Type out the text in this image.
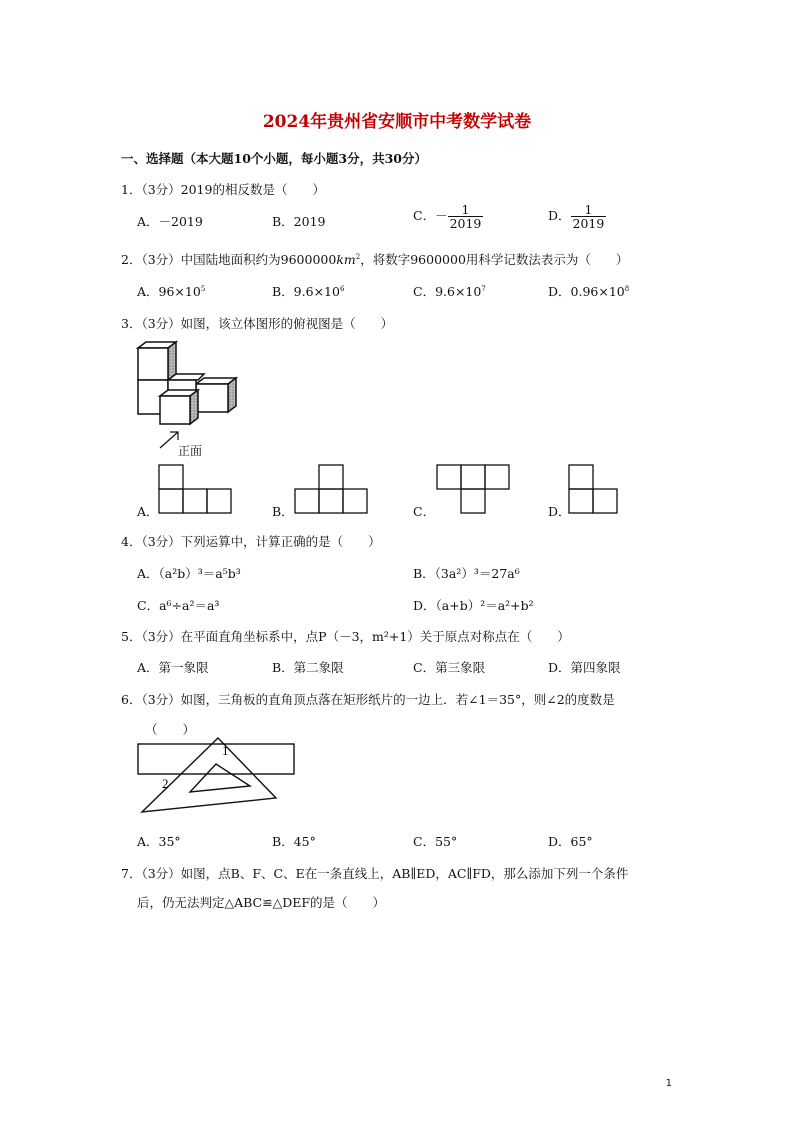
2024年贵州省安顺市中考数学试卷
一、选择题（本大题10个小题，每小题3分，共30分）
1．（3分）2019的相反数是（　　）
A．－2019	B．2019	C．－ $\frac{1}{2019}$	D． $\frac{1}{2019}$
2．（3分）中国陆地面积约为$9600000km^2$，将数字9600000用科学记数法表示为（　　）
A．$96\times 10^5$	B．$9.6\times 10^6$	C．$9.6\times 10^7$	D．$0.96\times 10^8$
3．（3分）如图，该立体图形的俯视图是（　　）
正面
A．	B．	C．	D．
4．（3分）下列运算中，计算正确的是（　　）
A．（a²b）³＝a⁵b³	B．（3a²）³＝27a⁶
C．a⁶÷a²＝a³	D．（a+b）²＝a²+b²
5．（3分）在平面直角坐标系中，点P（－3，m²+1）关于原点对称点在（　　）
A．第一象限	B．第二象限	C．第三象限	D．第四象限
6．（3分）如图，三角板的直角顶点落在矩形纸片的一边上．若∠1＝35°，则∠2的度数是
（　　）
1
2
A．35°	B．45°	C．55°	D．65°
7．（3分）如图，点B、F、C、E在一条直线上，AB∥ED，AC∥FD，那么添加下列一个条件
后，仍无法判定△ABC≌△DEF的是（　　）
1
